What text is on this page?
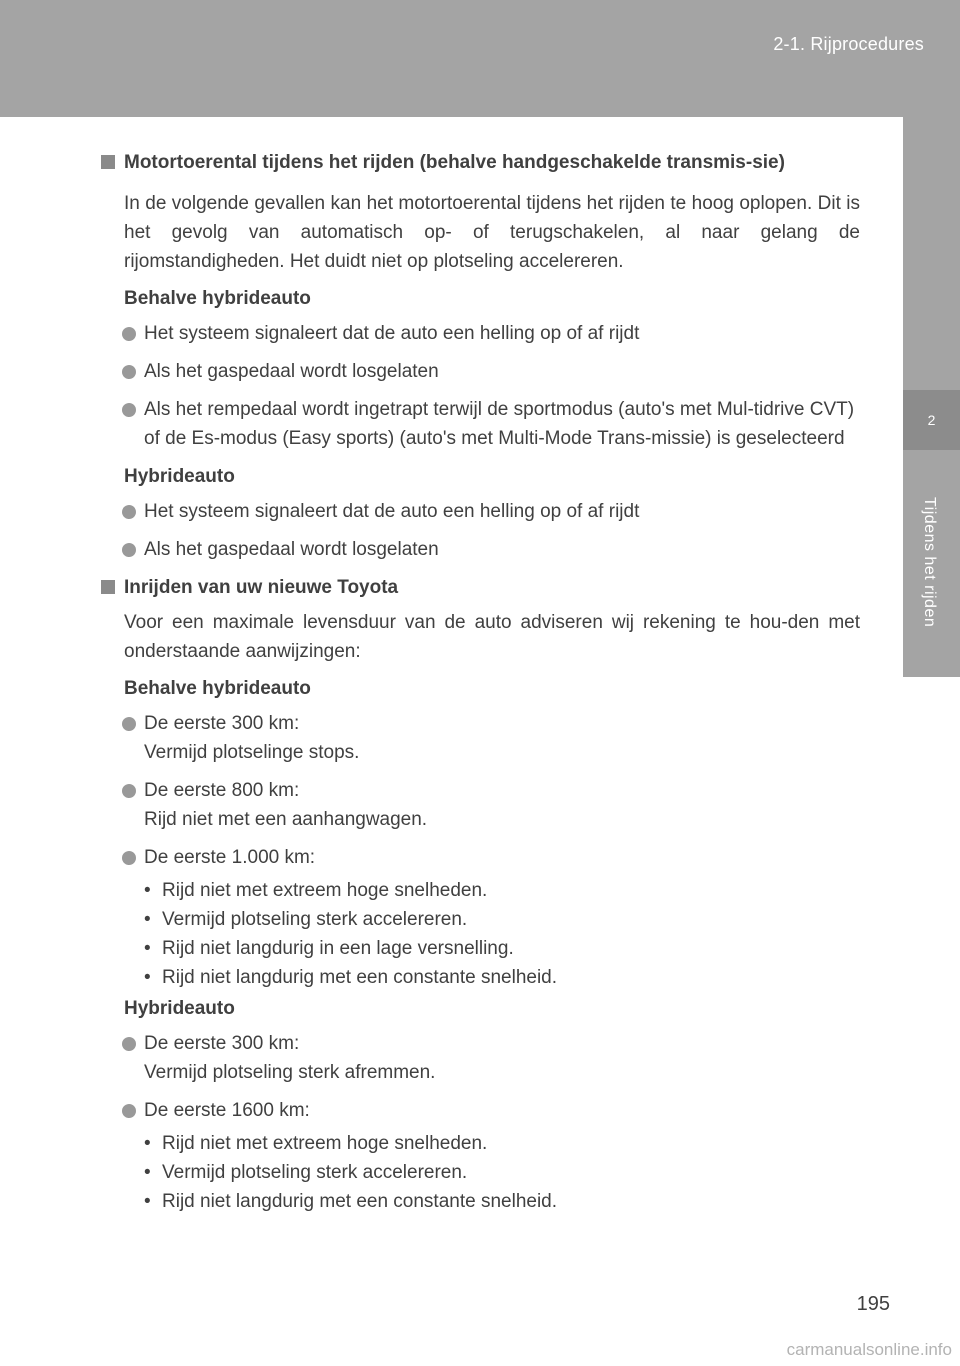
2-1. Rijprocedures
2
Tijdens het rijden
Motortoerental tijdens het rijden (behalve handgeschakelde transmis-sie)
In de volgende gevallen kan het motortoerental tijdens het rijden te hoog oplopen. Dit is het gevolg van automatisch op- of terugschakelen, al naar gelang de rijomstandigheden. Het duidt niet op plotseling accelereren.
Behalve hybrideauto
Het systeem signaleert dat de auto een helling op of af rijdt
Als het gaspedaal wordt losgelaten
Als het rempedaal wordt ingetrapt terwijl de sportmodus (auto's met Mul-tidrive CVT) of de Es-modus (Easy sports) (auto's met Multi-Mode Trans-missie) is geselecteerd
Hybrideauto
Het systeem signaleert dat de auto een helling op of af rijdt
Als het gaspedaal wordt losgelaten
Inrijden van uw nieuwe Toyota
Voor een maximale levensduur van de auto adviseren wij rekening te hou-den met onderstaande aanwijzingen:
Behalve hybrideauto
De eerste 300 km:
Vermijd plotselinge stops.
De eerste 800 km:
Rijd niet met een aanhangwagen.
De eerste 1.000 km:
• Rijd niet met extreem hoge snelheden.
• Vermijd plotseling sterk accelereren.
• Rijd niet langdurig in een lage versnelling.
• Rijd niet langdurig met een constante snelheid.
Hybrideauto
De eerste 300 km:
Vermijd plotseling sterk afremmen.
De eerste 1600 km:
• Rijd niet met extreem hoge snelheden.
• Vermijd plotseling sterk accelereren.
• Rijd niet langdurig met een constante snelheid.
195
carmanualsonline.info
